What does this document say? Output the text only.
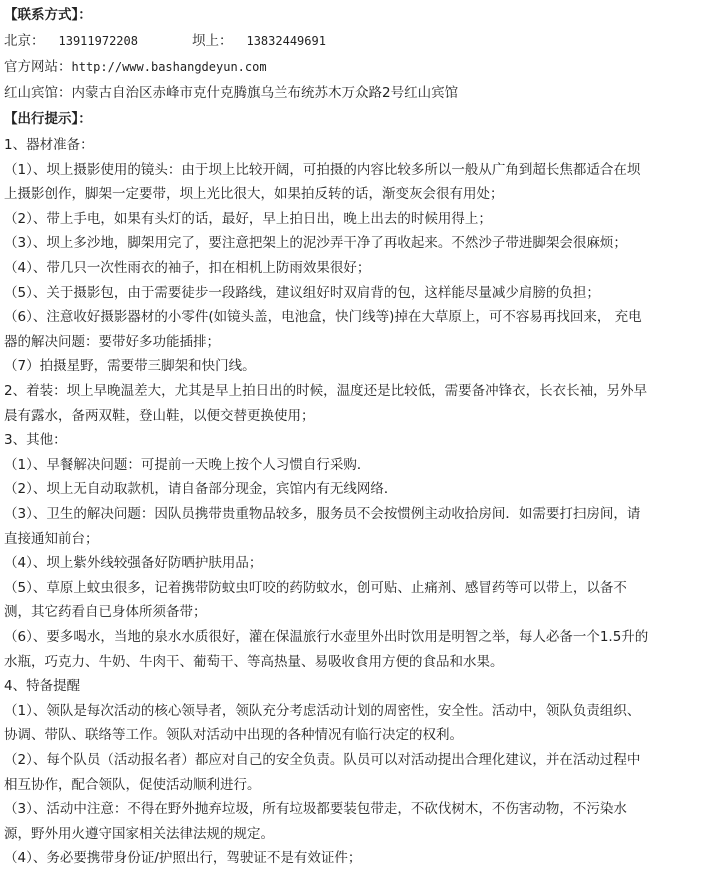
【联系方式】：
北京： 13911972208	坝上： 13832449691
官方网站：http://www.bashangdeyun.com
红山宾馆：内蒙古自治区赤峰市克什克腾旗乌兰布统苏木万众路2号红山宾馆
【出行提示】：
1、器材准备：
（1）、坝上摄影使用的镜头：由于坝上比较开阔，可拍摄的内容比较多所以一般从广角到超长焦都适合在坝
上摄影创作，脚架一定要带，坝上光比很大，如果拍反转的话，渐变灰会很有用处；
（2）、带上手电，如果有头灯的话，最好，早上拍日出，晚上出去的时候用得上；
（3）、坝上多沙地，脚架用完了，要注意把架上的泥沙弄干净了再收起来。不然沙子带进脚架会很麻烦；
（4）、带几只一次性雨衣的袖子，扣在相机上防雨效果很好；
（5）、关于摄影包，由于需要徒步一段路线，建议组好时双肩背的包，这样能尽量减少肩膀的负担；
（6）、注意收好摄影器材的小零件(如镜头盖，电池盒，快门线等)掉在大草原上，可不容易再找回来， 充电
器的解决问题：要带好多功能插排；
（7）拍摄星野，需要带三脚架和快门线。
2、着装：坝上早晚温差大，尤其是早上拍日出的时候，温度还是比较低，需要备冲锋衣，长衣长袖，另外早
晨有露水，备两双鞋，登山鞋，以便交替更换使用；
3、其他：
（1）、早餐解决问题：可提前一天晚上按个人习惯自行采购．
（2）、坝上无自动取款机，请自备部分现金，宾馆内有无线网络．
（3）、卫生的解决问题：因队员携带贵重物品较多，服务员不会按惯例主动收拾房间．如需要打扫房间，请
直接通知前台；
（4）、坝上紫外线较强备好防晒护肤用品；
（5）、草原上蚊虫很多，记着携带防蚊虫叮咬的药防蚊水，创可贴、止痛剂、感冒药等可以带上，以备不
测，其它药看自已身体所须备带；
（6）、要多喝水，当地的泉水水质很好，灌在保温旅行水壶里外出时饮用是明智之举，每人必备一个1.5升的
水瓶，巧克力、牛奶、牛肉干、葡萄干、等高热量、易吸收食用方便的食品和水果。
4、特备提醒
（1）、领队是每次活动的核心领导者，领队充分考虑活动计划的周密性，安全性。活动中，领队负责组织、
协调、带队、联络等工作。领队对活动中出现的各种情况有临行决定的权利。
（2）、每个队员（活动报名者）都应对自己的安全负责。队员可以对活动提出合理化建议，并在活动过程中
相互协作，配合领队，促使活动顺利进行。
（3）、活动中注意：不得在野外抛弃垃圾，所有垃圾都要装包带走，不砍伐树木，不伤害动物，不污染水
源，野外用火遵守国家相关法律法规的规定。
（4）、务必要携带身份证/护照出行，驾驶证不是有效证件；
